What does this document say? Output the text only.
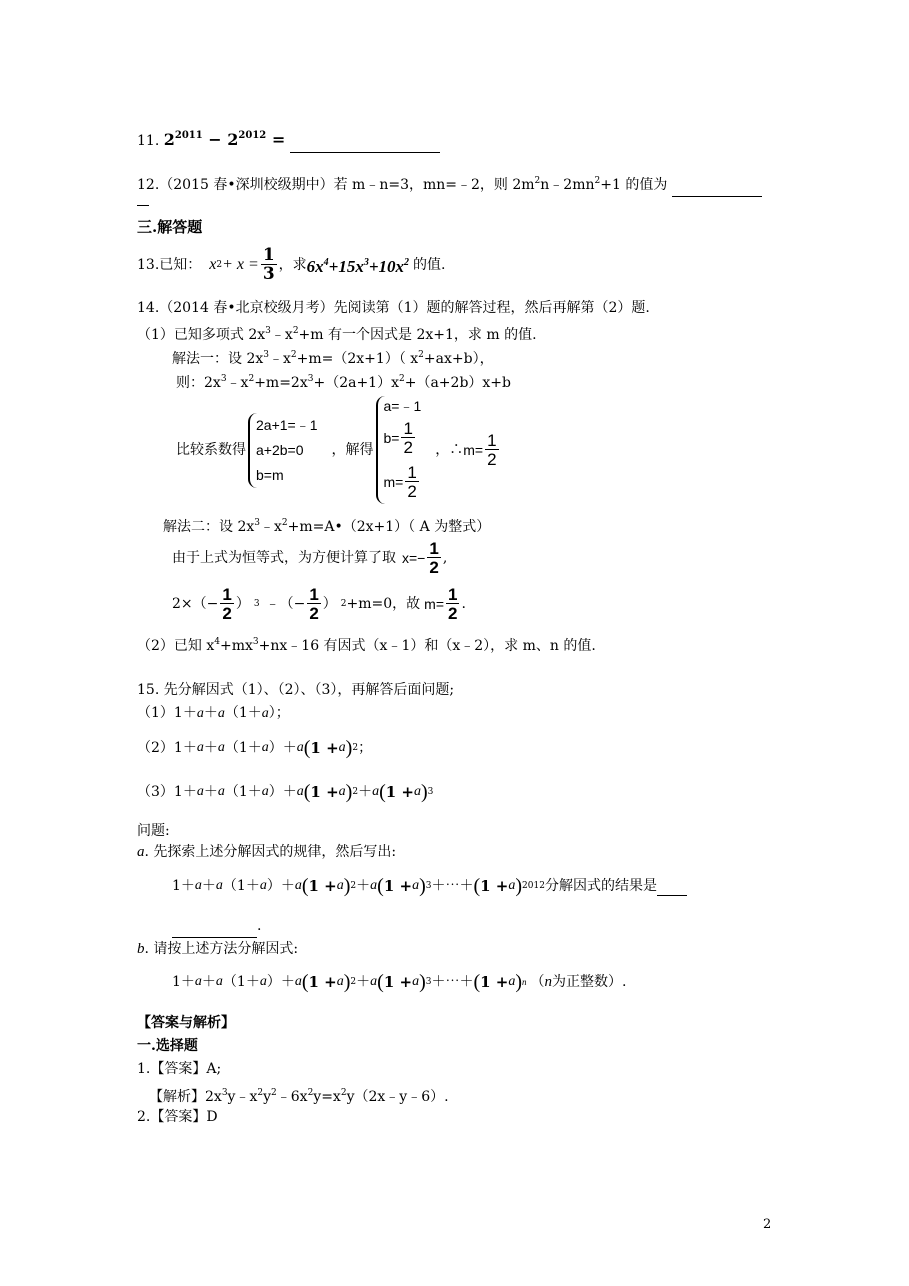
11. $2^{2011} - 2^{2012}$ =
12.（2015 春•深圳校级期中）若 m﹣n=3，mn=﹣2，则 $2m^2n﹣2mn^2+1$ 的值为
三.解答题
13.已知： x $2 + x = \frac{1}{3}$ ，求 $6x^4+15x^3+10x^2$ 的值.
14.（2014 春•北京校级月考）先阅读第（1）题的解答过程，然后再解第（2）题.
（1）已知多项式 $2x^3﹣x^2+m$ 有一个因式是 2x+1，求 m 的值.
解法一：设 $2x^3﹣x^2+m=(2x+1)$（ $x^2+ax+b$），
则：$2x^3﹣x^2+m=2x^3+(2a+1)x^2+(a+2b)x+b$
比较系数得
2a+1=﹣1
a+2b=0
b=m
，解得
a=﹣1
$b= \frac{1}{2}$
$m= \frac{1}{2}$
，∴ $m= \frac{1}{2}$
解法二：设 $2x^3﹣x^2+m=A•(2x+1)$（ A 为整式）
由于上式为恒等式，为方便计算了取 $x=- \frac{1}{2}$ ,
$2\times(- \frac{1}{2}$ ） 3 ﹣（− $\frac{1}{2}$ ） 2 +m=0，故 $m= \frac{1}{2}$ .
（2）已知 $x^4+mx^3+nx﹣16$ 有因式（x﹣1）和（x﹣2），求 m、n 的值.
15. 先分解因式（1）、（2）、（3），再解答后面问题;
（1）1＋a＋a（1＋a）；
（2）1＋ a ＋ a （1＋ a ） ＋ a ( 1 + a ) 2 ；
（3）1＋ a ＋ a （1＋ a ） ＋ a ( 1 + a ) 2 ＋ a ( 1 + a ) 3
问题:
a. 先探索上述分解因式的规律，然后写出:
1 ＋ a ＋ a （1＋ a ） ＋ a ( 1 + a ) 2 ＋ a ( 1 + a ) 3 ＋⋯＋ ( 1 + a ) 2012 分解因式的结果是

.
b. 请按上述方法分解因式:
1 ＋ a ＋ a （1＋ a ） ＋ a ( 1 + a ) 2 ＋ a ( 1 + a ) 3 ＋⋯＋ ( 1 + a ) n （ n 为正整数）.
【答案与解析】
一.选择题
1.【答案】A;
【解析】$2x^3y﹣x^2y^2﹣6x^2y=x^2y(2x﹣y﹣6)$.
2.【答案】D
2
